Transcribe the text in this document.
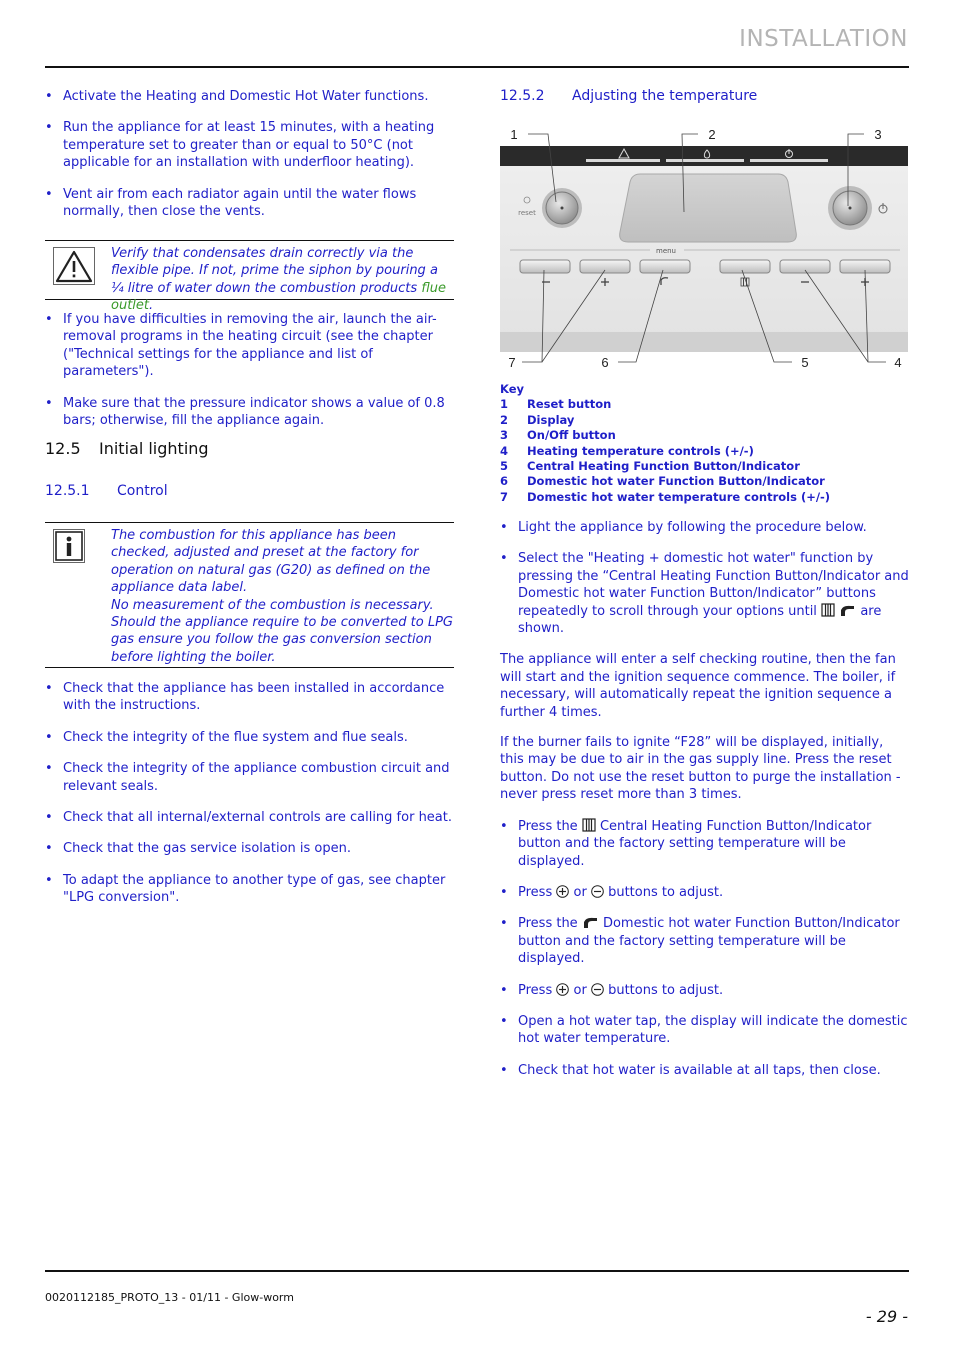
INSTALLATION
• Activate the Heating and Domestic Hot Water functions.
• Run the appliance for at least 15 minutes, with a heating temperature set to greater than or equal to 50°C (not applicable for an installation with underfloor heating).
• Vent air from each radiator again until the water flows normally, then close the vents.
Verify that condensates drain correctly via the flexible pipe. If not, prime the siphon by pouring a ¼ litre of water down the combustion products flue outlet.
• If you have difficulties in removing the air, launch the air-removal programs in the heating circuit (see the chapter ("Technical settings for the appliance and list of parameters").
• Make sure that the pressure indicator shows a value of 0.8 bars; otherwise, fill the appliance again.
12.5 Initial lighting
12.5.1 Control
The combustion for this appliance has been checked, adjusted and preset at the factory for operation on natural gas (G20) as defined on the appliance data label.
No measurement of the combustion is necessary. Should the appliance require to be converted to LPG gas ensure you follow the gas conversion section before lighting the boiler.
• Check that the appliance has been installed in accordance with the instructions.
• Check the integrity of the flue system and flue seals.
• Check the integrity of the appliance combustion circuit and relevant seals.
• Check that all internal/external controls are calling for heat.
• Check that the gas service isolation is open.
• To adapt the appliance to another type of gas, see chapter "LPG conversion".
12.5.2 Adjusting the temperature
reset
menu
1	2	3
7	6	5	4
Key
1 Reset button
2 Display
3 On/Off button
4 Heating temperature controls (+/-)
5 Central Heating Function Button/Indicator
6 Domestic hot water Function Button/Indicator
7 Domestic hot water temperature controls (+/-)
• Light the appliance by following the procedure below.
• Select the "Heating + domestic hot water" function by pressing the “Central Heating Function Button/Indicator and Domestic hot water Function Button/Indicator” buttons repeatedly to scroll through your options until	are shown.
The appliance will enter a self checking routine, then the fan will start and the ignition sequence commence. The boiler, if necessary, will automatically repeat the ignition sequence a further 4 times.
If the burner fails to ignite “F28” will be displayed, initially, this may be due to air in the gas supply line. Press the reset button. Do not use the reset button to purge the installation - never press reset more than 3 times.
• Press the Central Heating Function Button/Indicator button and the factory setting temperature will be displayed.
• Press or buttons to adjust.
• Press the Domestic hot water Function Button/Indicator button and the factory setting temperature will be displayed.
• Press or buttons to adjust.
• Open a hot water tap, the display will indicate the domestic hot water temperature.
• Check that hot water is available at all taps, then close.
0020112185_PROTO_13 - 01/11 - Glow-worm
- 29 -
